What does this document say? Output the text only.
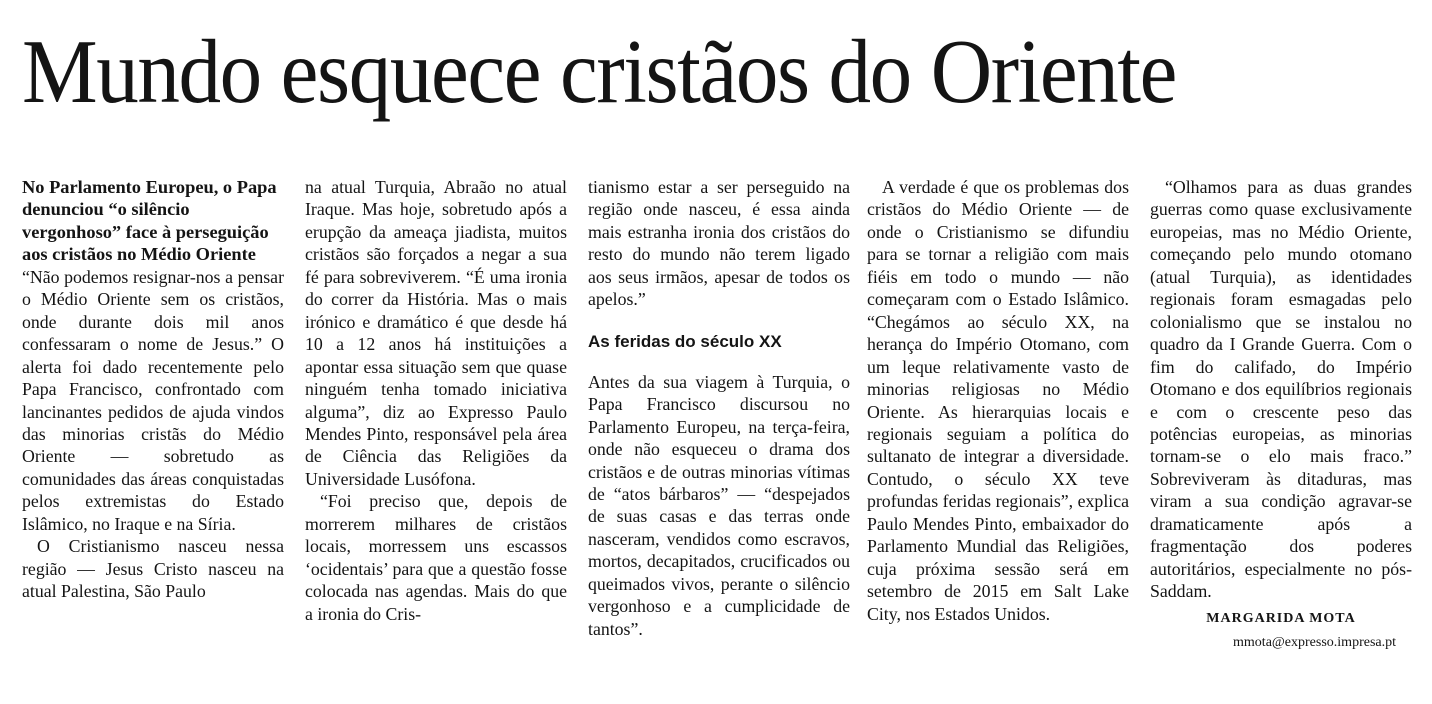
Mundo esquece cristãos do Oriente

No Parlamento Europeu, o Papa denunciou “o silêncio vergonhoso” face à perseguição aos cristãos no Médio Oriente

“Não podemos resignar-nos a pensar o Médio Oriente sem os cristãos, onde durante dois mil anos confessaram o nome de Jesus.” O alerta foi dado recentemente pelo Papa Francisco, confrontado com lancinantes pedidos de ajuda vindos das minorias cristãs do Médio Oriente — sobretudo as comunidades das áreas conquistadas pelos extremistas do Estado Islâmico, no Iraque e na Síria.

O Cristianismo nasceu nessa região — Jesus Cristo nasceu na atual Palestina, São Paulo

na atual Turquia, Abraão no atual Iraque. Mas hoje, sobretudo após a erupção da ameaça jiadista, muitos cristãos são forçados a negar a sua fé para sobreviverem. “É uma ironia do correr da História. Mas o mais irónico e dramático é que desde há 10 a 12 anos há instituições a apontar essa situação sem que quase ninguém tenha tomado iniciativa alguma”, diz ao Expresso Paulo Mendes Pinto, responsável pela área de Ciência das Religiões da Universidade Lusófona.

“Foi preciso que, depois de morrerem milhares de cristãos locais, morressem uns escassos ‘ocidentais’ para que a questão fosse colocada nas agendas. Mais do que a ironia do Cris-

tianismo estar a ser perseguido na região onde nasceu, é essa ainda mais estranha ironia dos cristãos do resto do mundo não terem ligado aos seus irmãos, apesar de todos os apelos.”

As feridas do século XX

Antes da sua viagem à Turquia, o Papa Francisco discursou no Parlamento Europeu, na terça-feira, onde não esqueceu o drama dos cristãos e de outras minorias vítimas de “atos bárbaros” — “despejados de suas casas e das terras onde nasceram, vendidos como escravos, mortos, decapitados, crucificados ou queimados vivos, perante o silêncio vergonhoso e a cumplicidade de tantos”.

A verdade é que os problemas dos cristãos do Médio Oriente — de onde o Cristianismo se difundiu para se tornar a religião com mais fiéis em todo o mundo — não começaram com o Estado Islâmico. “Chegámos ao século XX, na herança do Império Otomano, com um leque relativamente vasto de minorias religiosas no Médio Oriente. As hierarquias locais e regionais seguiam a política do sultanato de integrar a diversidade. Contudo, o século XX teve profundas feridas regionais”, explica Paulo Mendes Pinto, embaixador do Parlamento Mundial das Religiões, cuja próxima sessão será em setembro de 2015 em Salt Lake City, nos Estados Unidos.

“Olhamos para as duas grandes guerras como quase exclusivamente europeias, mas no Médio Oriente, começando pelo mundo otomano (atual Turquia), as identidades regionais foram esmagadas pelo colonialismo que se instalou no quadro da I Grande Guerra. Com o fim do califado, do Império Otomano e dos equilíbrios regionais e com o crescente peso das potências europeias, as minorias tornam-se o elo mais fraco.” Sobreviveram às ditaduras, mas viram a sua condição agravar-se dramaticamente após a fragmentação dos poderes autoritários, especialmente no pós-Saddam.

MARGARIDA MOTA
mmota@expresso.impresa.pt
